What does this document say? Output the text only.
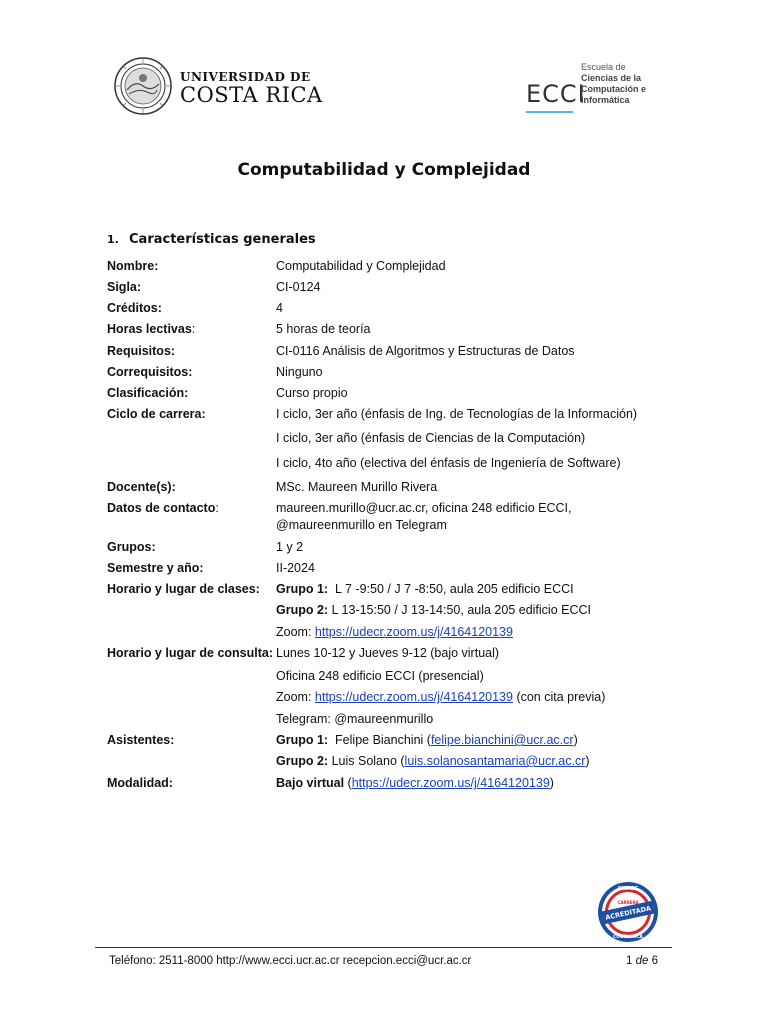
UNIVERSIDAD DE
COSTA RICA	ECCI
Escuela de
Ciencias de la
Computación e
Informática
Computabilidad y Complejidad
1. Características generales
Nombre:	Computabilidad y Complejidad
Sigla:	CI-0124
Créditos:	4
Horas lectivas:	5 horas de teoría
Requisitos:	CI-0116 Análisis de Algoritmos y Estructuras de Datos
Correquisitos:	Ninguno
Clasificación:	Curso propio
Ciclo de carrera:	I ciclo, 3er año (énfasis de Ing. de Tecnologías de la Información)
I ciclo, 3er año (énfasis de Ciencias de la Computación)
I ciclo, 4to año (electiva del énfasis de Ingeniería de Software)
Docente(s):	MSc. Maureen Murillo Rivera
Datos de contacto:	maureen.murillo@ucr.ac.cr, oficina 248 edificio ECCI,
@maureenmurillo en Telegram
Grupos:	1 y 2
Semestre y año:	II-2024
Horario y lugar de clases: Grupo 1: L 7 -9:50 / J 7 -8:50, aula 205 edificio ECCI
Grupo 2: L 13-15:50 / J 13-14:50, aula 205 edificio ECCI
Zoom: https://udecr.zoom.us/j/4164120139
Horario y lugar de consulta: Lunes 10-12 y Jueves 9-12 (bajo virtual)
Oficina 248 edificio ECCI (presencial)
Zoom: https://udecr.zoom.us/j/4164120139 (con cita previa)
Telegram: @maureenmurillo
Asistentes:	Grupo 1: Felipe Bianchini (felipe.bianchini@ucr.ac.cr)
Grupo 2: Luis Solano (luis.solanosantamaria@ucr.ac.cr)
Modalidad:	Bajo virtual (https://udecr.zoom.us/j/4164120139)
SINAES
CARRERA
ACREDITADA
COSTA RICA
Teléfono: 2511-8000 http://www.ecci.ucr.ac.cr recepcion.ecci@ucr.ac.cr	1 de 6
